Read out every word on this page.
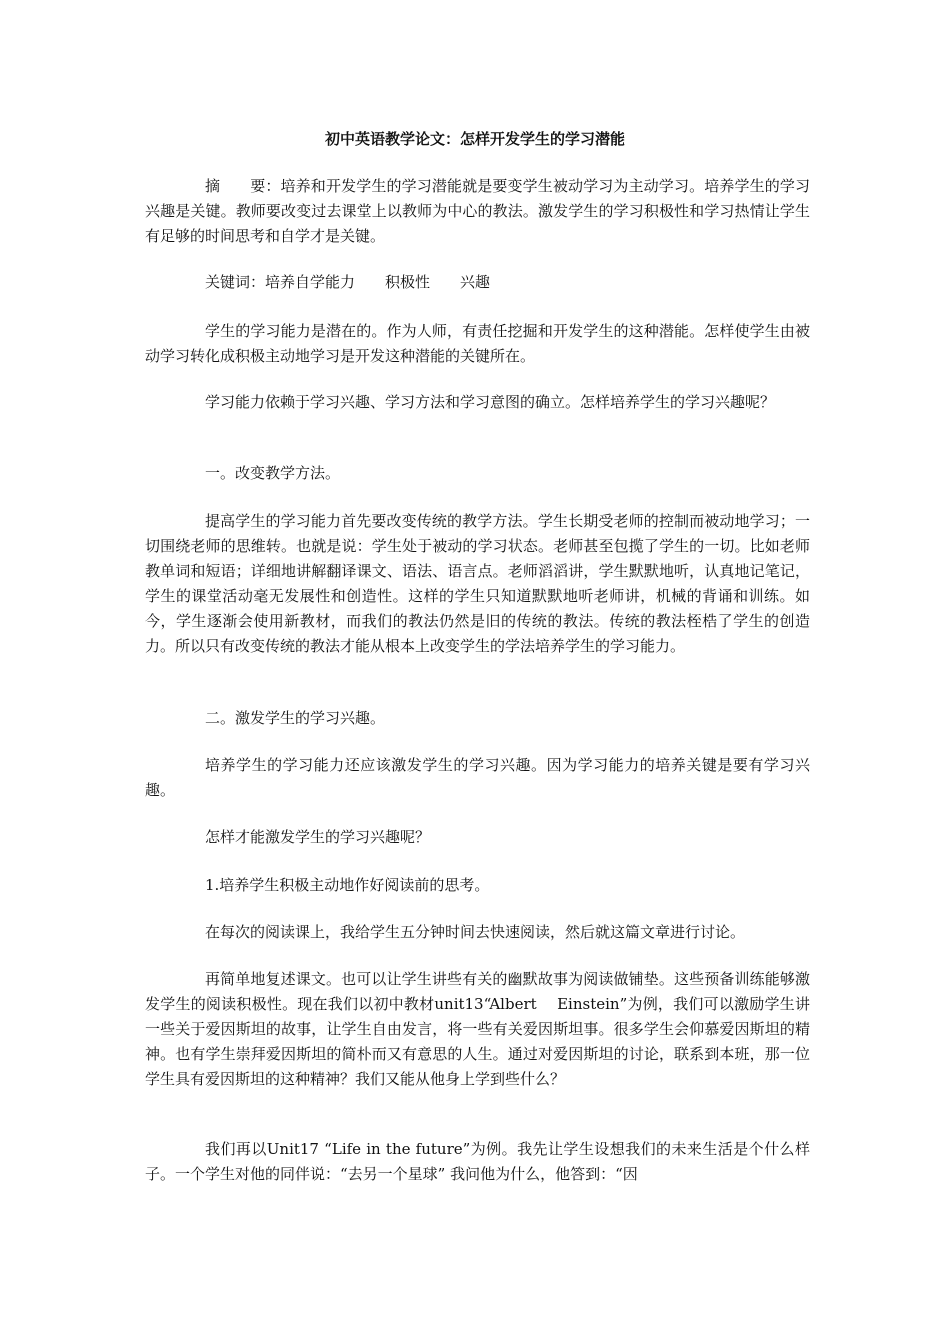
初中英语教学论文：怎样开发学生的学习潜能

摘 要：培养和开发学生的学习潜能就是要变学生被动学习为主动学习。培养学生的学习兴趣是关键。教师要改变过去课堂上以教师为中心的教法。激发学生的学习积极性和学习热情让学生有足够的时间思考和自学才是关键。

关键词：培养自学能力 积极性 兴趣

学生的学习能力是潜在的。作为人师，有责任挖掘和开发学生的这种潜能。怎样使学生由被动学习转化成积极主动地学习是开发这种潜能的关键所在。

学习能力依赖于学习兴趣、学习方法和学习意图的确立。怎样培养学生的学习兴趣呢？

一。改变教学方法。

提高学生的学习能力首先要改变传统的教学方法。学生长期受老师的控制而被动地学习；一切围绕老师的思维转。也就是说：学生处于被动的学习状态。老师甚至包揽了学生的一切。比如老师教单词和短语；详细地讲解翻译课文、语法、语言点。老师滔滔讲，学生默默地听，认真地记笔记，学生的课堂活动毫无发展性和创造性。这样的学生只知道默默地听老师讲，机械的背诵和训练。如今，学生逐渐会使用新教材，而我们的教法仍然是旧的传统的教法。传统的教法桎梏了学生的创造力。所以只有改变传统的教法才能从根本上改变学生的学法培养学生的学习能力。

二。激发学生的学习兴趣。

培养学生的学习能力还应该激发学生的学习兴趣。因为学习能力的培养关键是要有学习兴趣。

怎样才能激发学生的学习兴趣呢？

1.培养学生积极主动地作好阅读前的思考。

在每次的阅读课上，我给学生五分钟时间去快速阅读，然后就这篇文章进行讨论。

再简单地复述课文。也可以让学生讲些有关的幽默故事为阅读做铺垫。这些预备训练能够激发学生的阅读积极性。现在我们以初中教材unit13“Albert　 Einstein”为例，我们可以激励学生讲一些关于爱因斯坦的故事，让学生自由发言，将一些有关爱因斯坦事。很多学生会仰慕爱因斯坦的精神。也有学生崇拜爱因斯坦的简朴而又有意思的人生。通过对爱因斯坦的讨论，联系到本班，那一位学生具有爱因斯坦的这种精神？我们又能从他身上学到些什么？

我们再以Unit17 “Life in the future”为例。我先让学生设想我们的未来生活是个什么样子。一个学生对他的同伴说：“去另一个星球” 我问他为什么，他答到：“因
